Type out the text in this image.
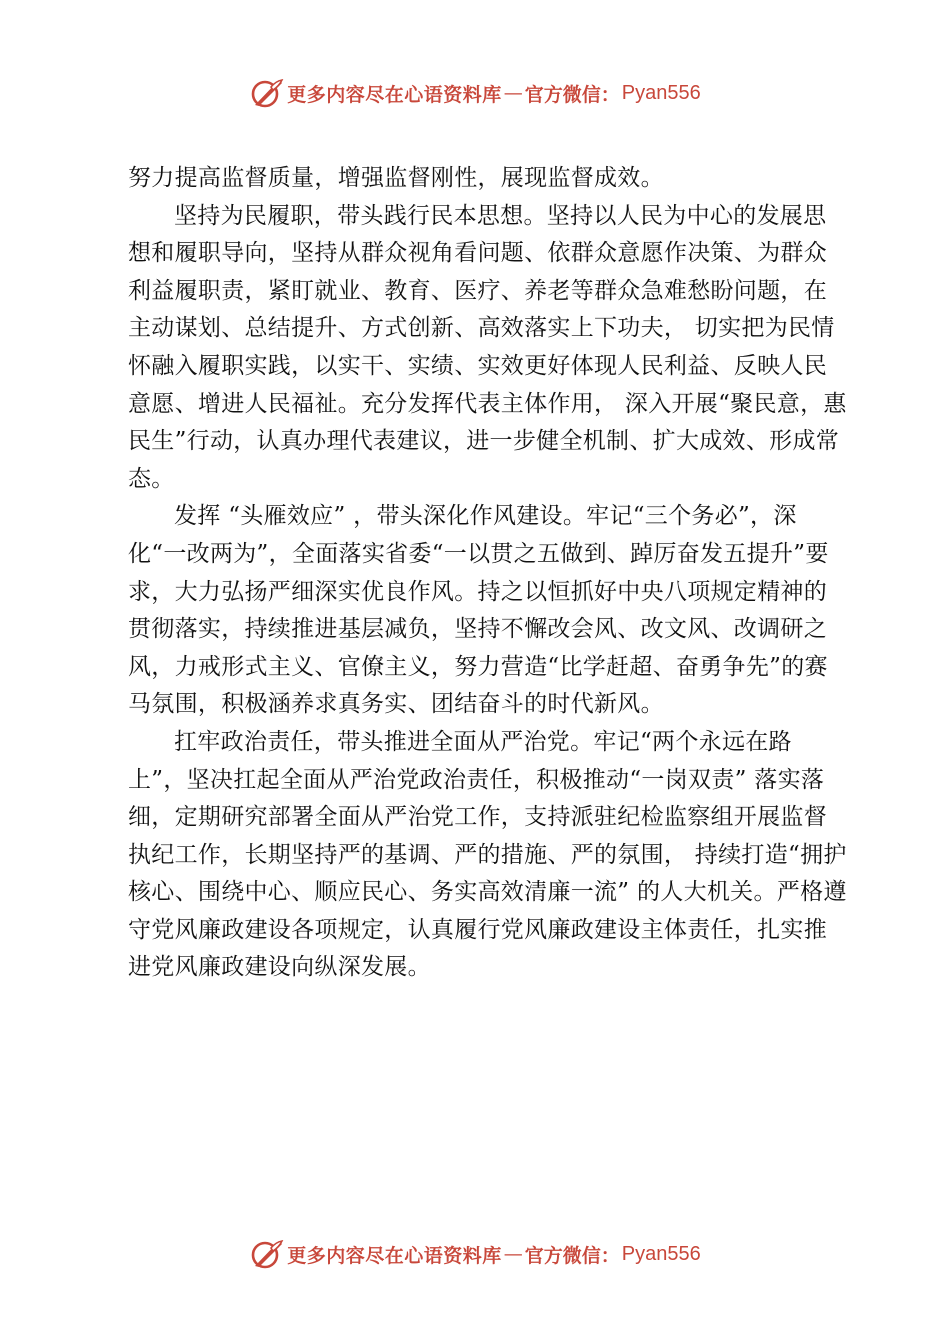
更多内容尽在心语资料库 — 官方微信： Pyan556

努力提高监督质量，增强监督刚性，展现监督成效。

坚持为民履职，带头践行民本思想。坚持以人民为中心的发展思想和履职导向，坚持从群众视角看问题、依群众意愿作决策、为群众利益履职责，紧盯就业、教育、医疗、养老等群众急难愁盼问题，在主动谋划、总结提升、方式创新、高效落实上下功夫， 切实把为民情怀融入履职实践，以实干、实绩、实效更好体现人民利益、反映人民意愿、增进人民福祉。充分发挥代表主体作用， 深入开展“聚民意，惠民生”行动，认真办理代表建议，进一步健全机制、扩大成效、形成常态。

发挥 “头雁效应” ，带头深化作风建设。牢记“三个务必”，深化“一改两为”，全面落实省委“一以贯之五做到、踔厉奋发五提升”要求，大力弘扬严细深实优良作风。持之以恒抓好中央八项规定精神的贯彻落实，持续推进基层减负，坚持不懈改会风、改文风、改调研之风，力戒形式主义、官僚主义，努力营造“比学赶超、奋勇争先”的赛马氛围，积极涵养求真务实、团结奋斗的时代新风。

扛牢政治责任，带头推进全面从严治党。牢记“两个永远在路上”，坚决扛起全面从严治党政治责任，积极推动“一岗双责” 落实落细，定期研究部署全面从严治党工作，支持派驻纪检监察组开展监督执纪工作，长期坚持严的基调、严的措施、严的氛围， 持续打造“拥护核心、围绕中心、顺应民心、务实高效清廉一流” 的人大机关。严格遵守党风廉政建设各项规定，认真履行党风廉政建设主体责任，扎实推进党风廉政建设向纵深发展。

更多内容尽在心语资料库 — 官方微信： Pyan556
